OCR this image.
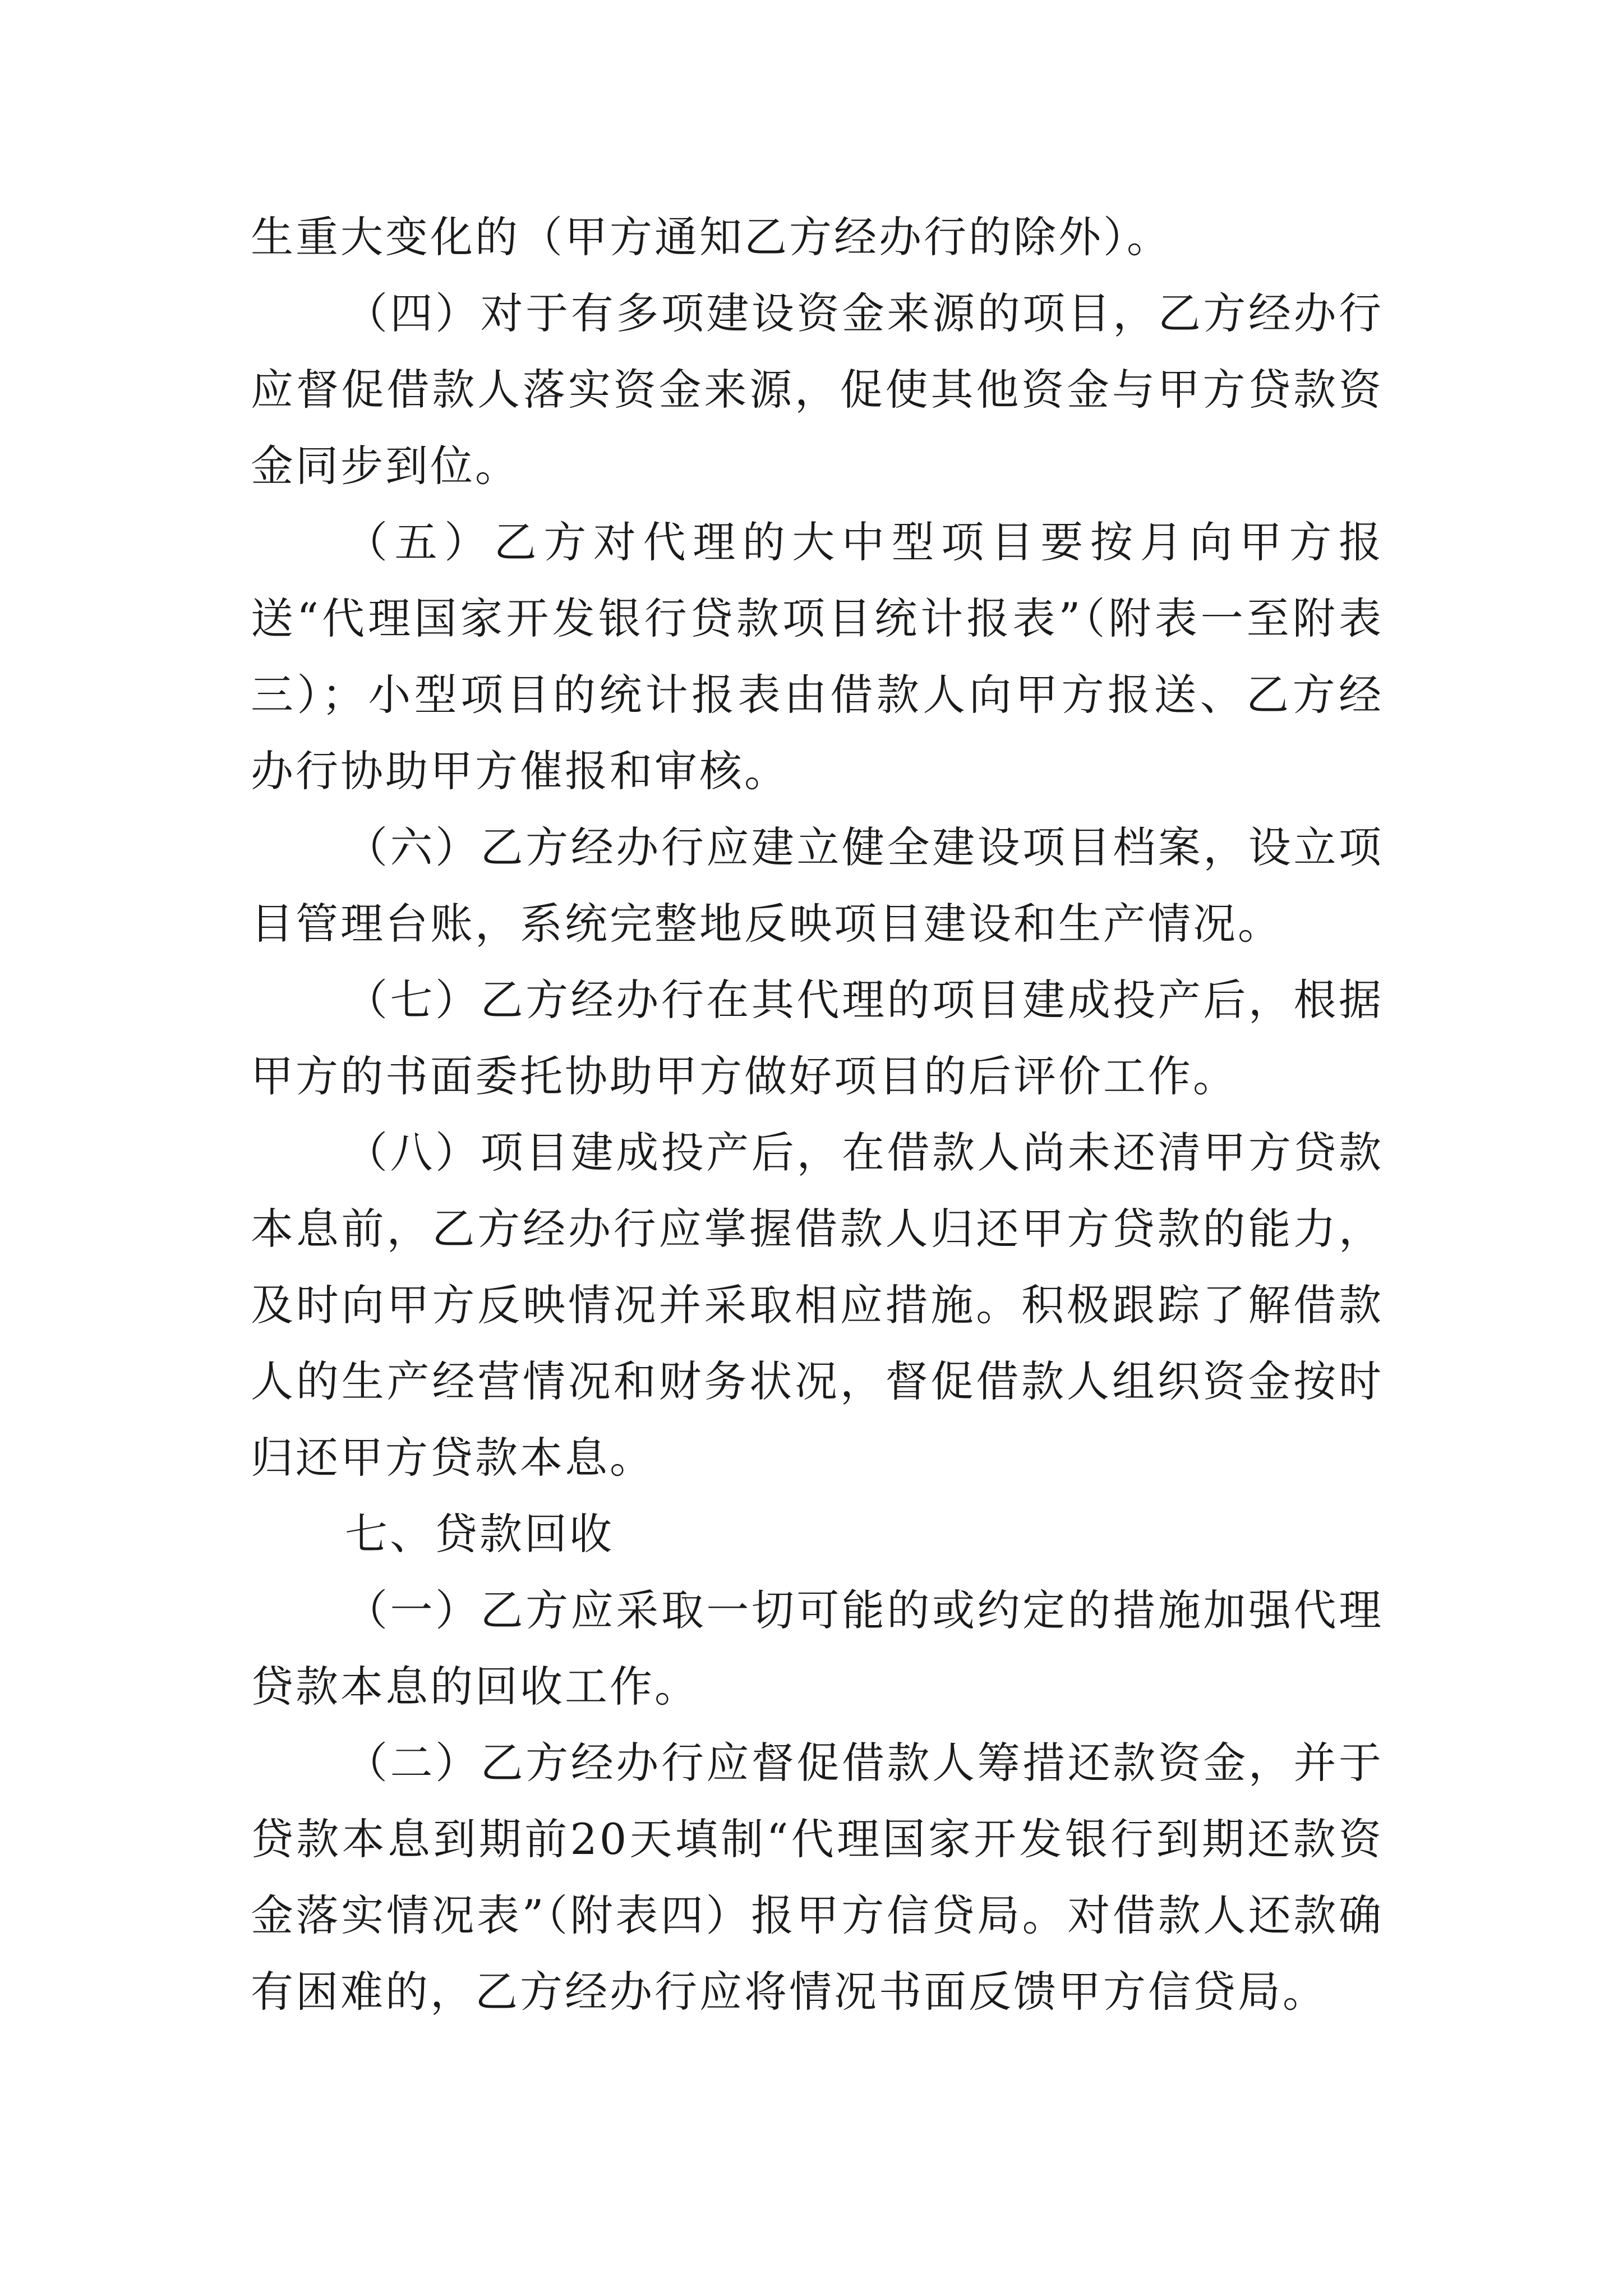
生重大变化的（甲方通知乙方经办行的除外）。

（四）对于有多项建设资金来源的项目，乙方经办行应督促借款人落实资金来源，促使其他资金与甲方贷款资金同步到位。

（五）乙方对代理的大中型项目要按月向甲方报送“代理国家开发银行贷款项目统计报表”（附表一至附表三）；小型项目的统计报表由借款人向甲方报送、乙方经办行协助甲方催报和审核。

（六）乙方经办行应建立健全建设项目档案，设立项目管理台账，系统完整地反映项目建设和生产情况。

（七）乙方经办行在其代理的项目建成投产后，根据甲方的书面委托协助甲方做好项目的后评价工作。

（八）项目建成投产后，在借款人尚未还清甲方贷款本息前，乙方经办行应掌握借款人归还甲方贷款的能力，及时向甲方反映情况并采取相应措施。积极跟踪了解借款人的生产经营情况和财务状况，督促借款人组织资金按时归还甲方贷款本息。

七、贷款回收

（一）乙方应采取一切可能的或约定的措施加强代理贷款本息的回收工作。

（二）乙方经办行应督促借款人筹措还款资金，并于贷款本息到期前20天填制“代理国家开发银行到期还款资金落实情况表”（附表四）报甲方信贷局。对借款人还款确有困难的，乙方经办行应将情况书面反馈甲方信贷局。
